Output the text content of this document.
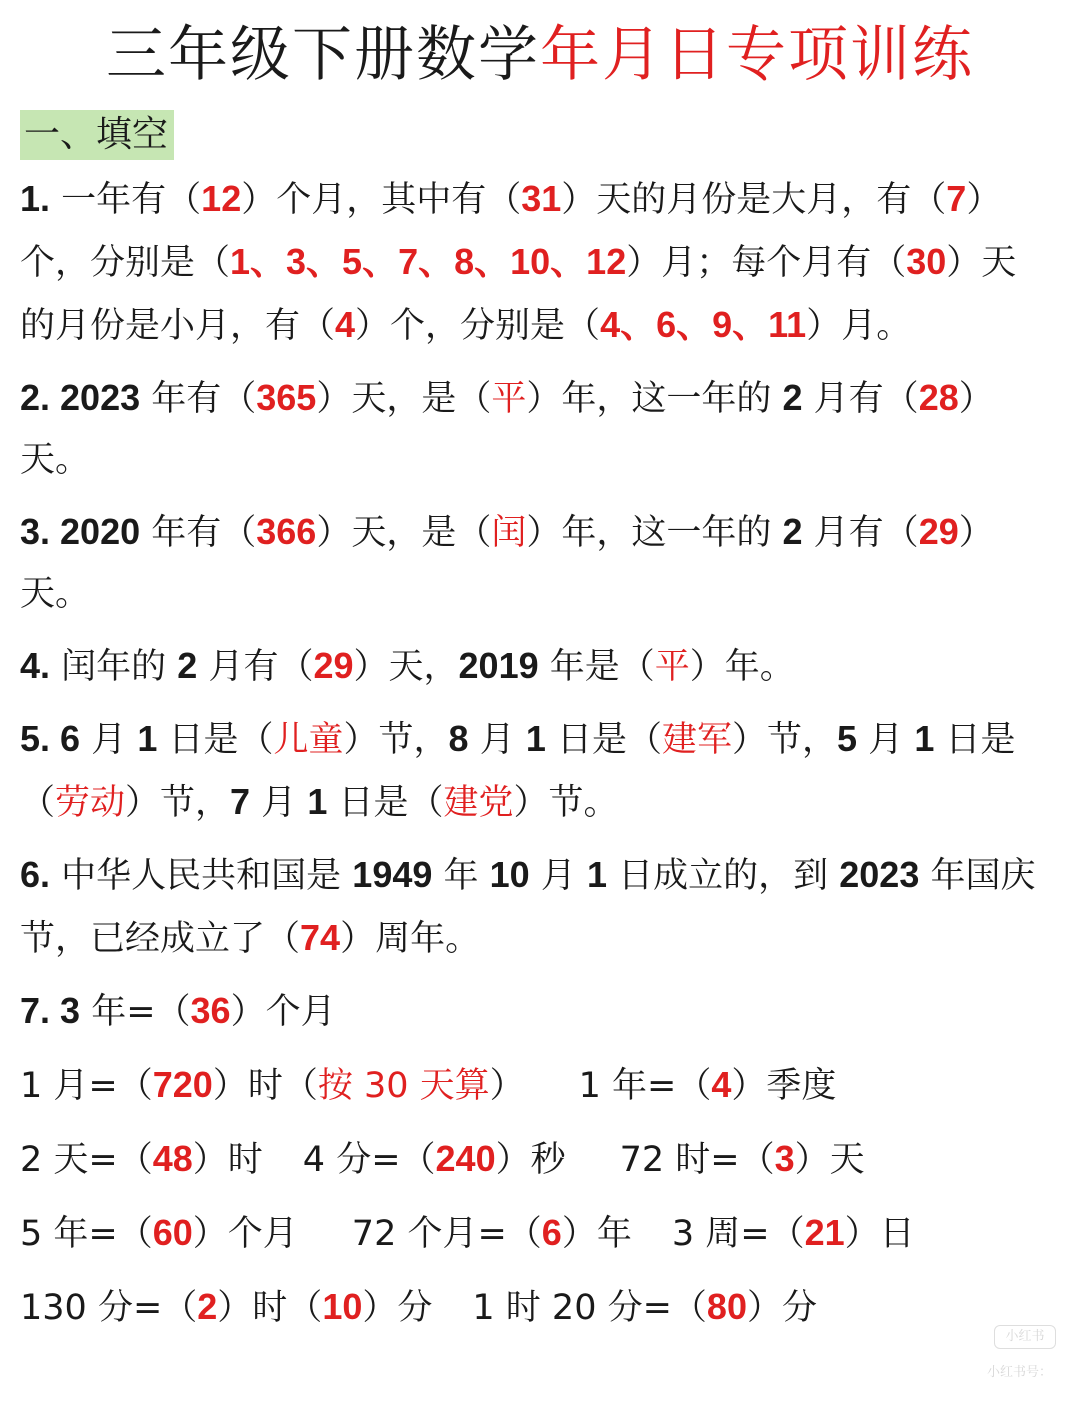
三年级下册数学年月日专项训练
一、填空
1. 一年有（12）个月，其中有（31）天的月份是大月，有（7）个，分别是（1、3、5、7、8、10、12）月；每个月有（30）天的月份是小月，有（4）个，分别是（4、6、9、11）月。
2. 2023 年有（365）天，是（平）年，这一年的 2 月有（28）天。
3. 2020 年有（366）天，是（闰）年，这一年的 2 月有（29）天。
4. 闰年的 2 月有（29）天，2019 年是（平）年。
5. 6 月 1 日是（儿童）节，8 月 1 日是（建军）节，5 月 1 日是（劳动）节，7 月 1 日是（建党）节。
6. 中华人民共和国是 1949 年 10 月 1 日成立的，到 2023 年国庆节，已经成立了（74）周年。
7. 3 年=（36）个月
1 月=（720）时（按 30 天算） 1 年=（4）季度
2 天=（48）时 4 分=（240）秒 72 时=（3）天
5 年=（60）个月 72 个月=（6）年 3 周=（21）日
130 分=（2）时（10）分 1 时 20 分=（80）分
小红书
小红书号：
